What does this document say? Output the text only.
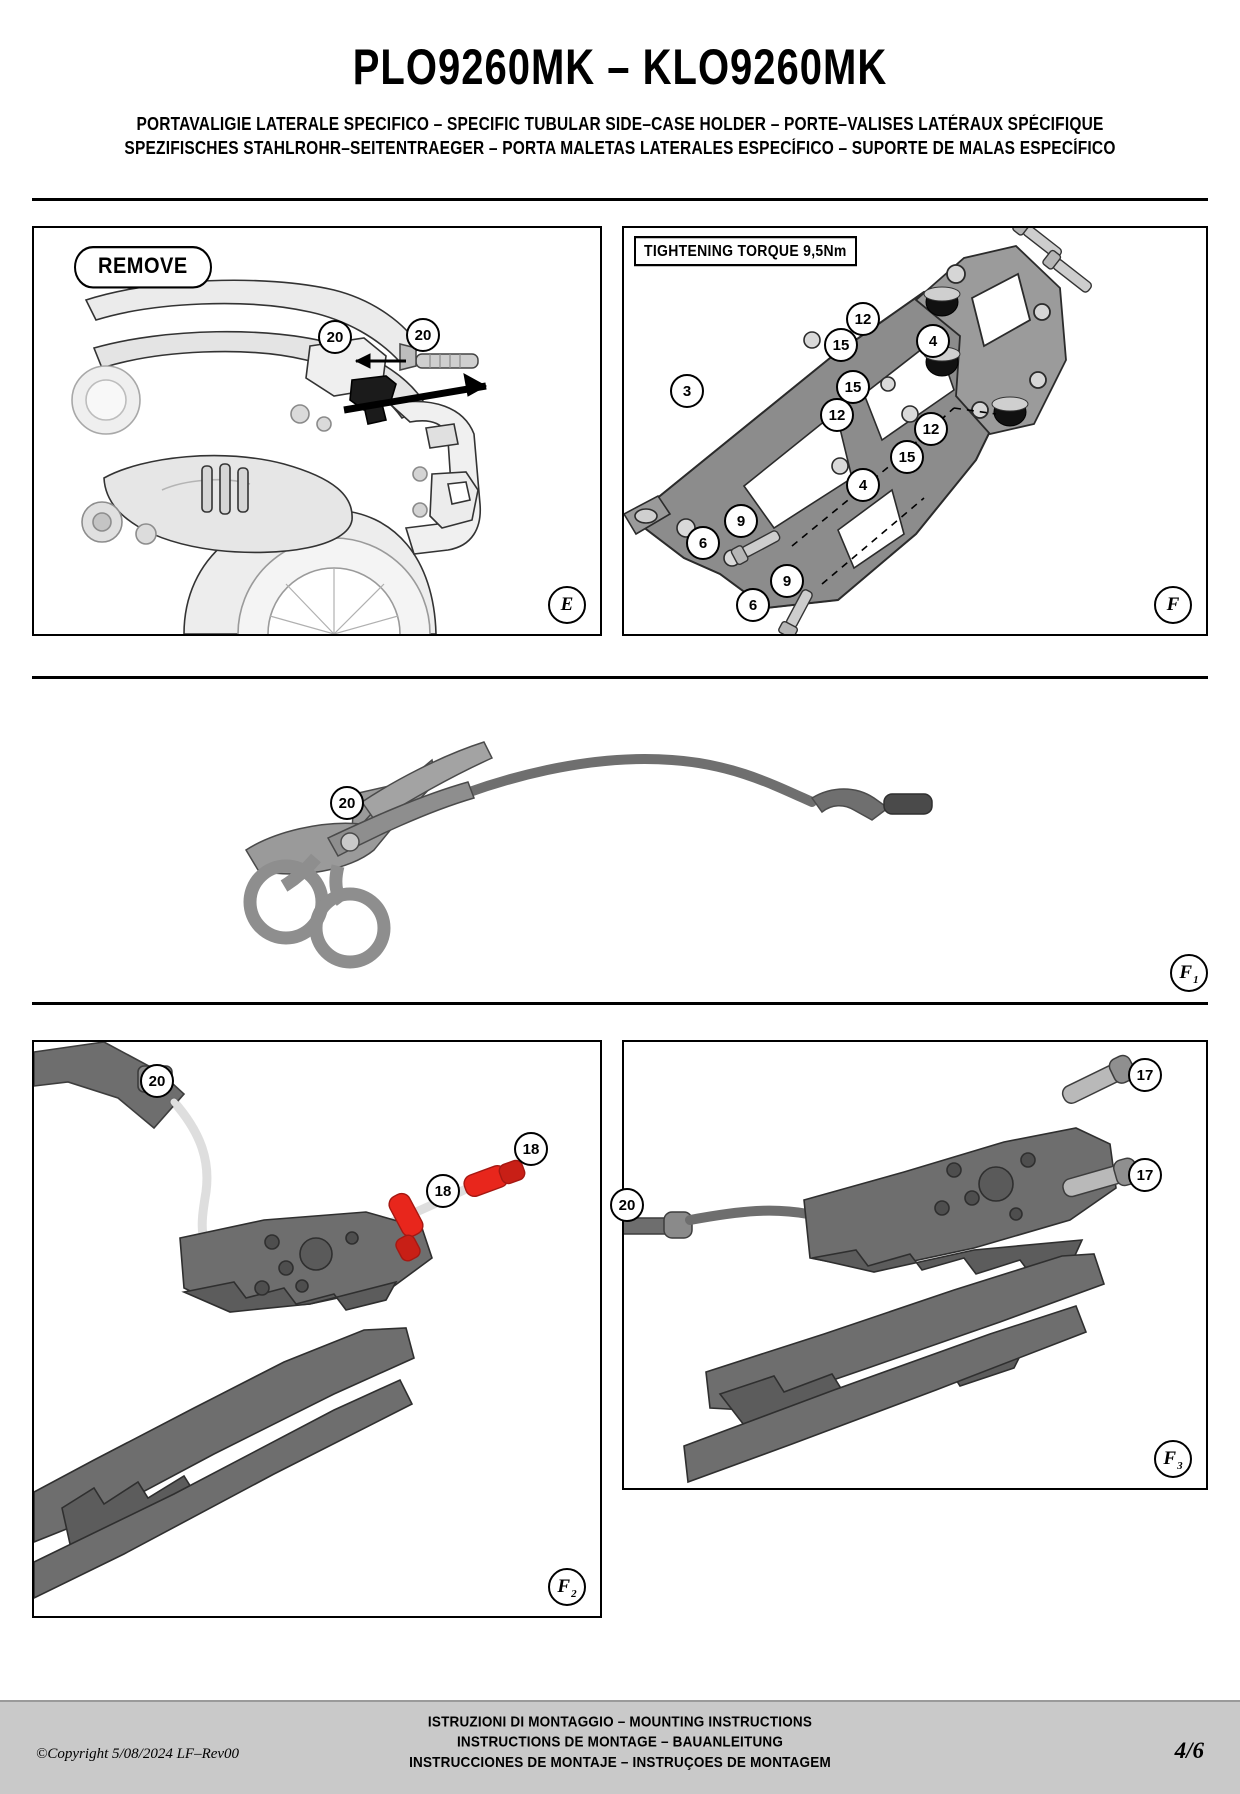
PLO9260MK – KLO9260MK
PORTAVALIGIE LATERALE SPECIFICO – SPECIFIC TUBULAR SIDE–CASE HOLDER – PORTE–VALISES LATÉRAUX SPÉCIFIQUE
SPEZIFISCHES STAHLROHR–SEITENTRAEGER – PORTA MALETAS LATERALES ESPECÍFICO – SUPORTE DE MALAS ESPECÍFICO
REMOVE
20	20
E
TIGHTENING TORQUE 9,5Nm
3
12
15	4
15
12
12
15
4
9
6
9
6	F
20
F 1
20
18
18
F 2
17
17
20
F 3
ISTRUZIONI DI MONTAGGIO – MOUNTING INSTRUCTIONS
INSTRUCTIONS DE MONTAGE – BAUANLEITUNG
INSTRUCCIONES DE MONTAJE – INSTRUÇOES DE MONTAGEM
©Copyright 5/08/2024 LF–Rev00	4/6
